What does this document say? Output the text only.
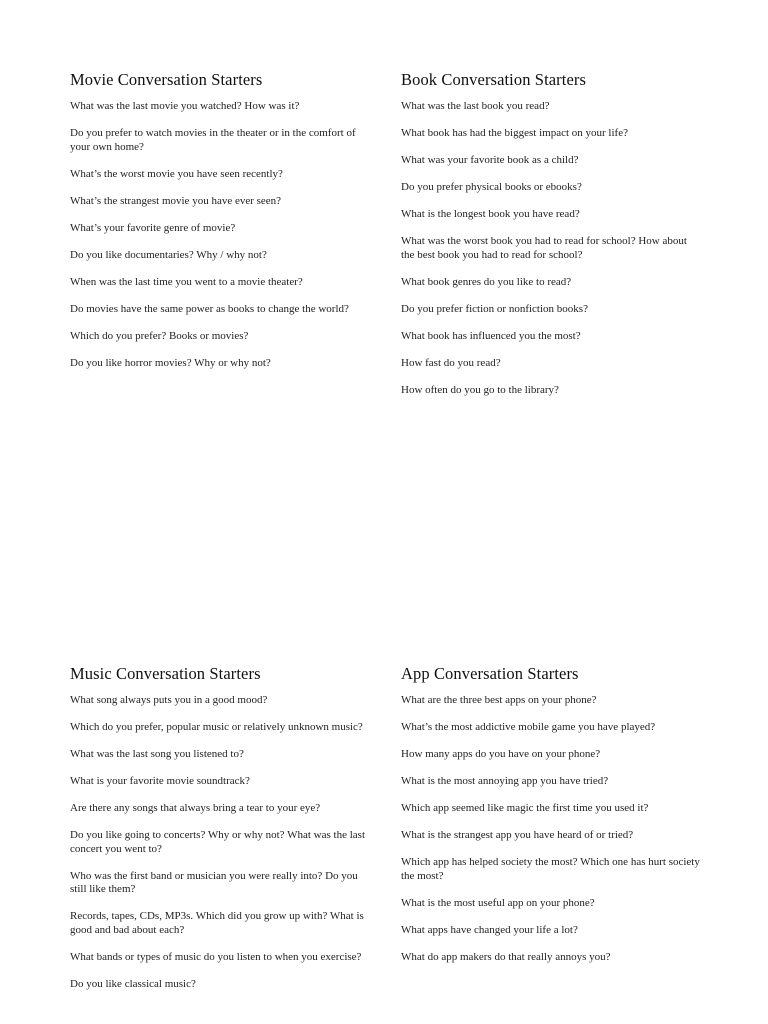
Movie Conversation Starters
What was the last movie you watched? How was it?
Do you prefer to watch movies in the theater or in the comfort of your own home?
What’s the worst movie you have seen recently?
What’s the strangest movie you have ever seen?
What’s your favorite genre of movie?
Do you like documentaries? Why / why not?
When was the last time you went to a movie theater?
Do movies have the same power as books to change the world?
Which do you prefer? Books or movies?
Do you like horror movies? Why or why not?
Book Conversation Starters
What was the last book you read?
What book has had the biggest impact on your life?
What was your favorite book as a child?
Do you prefer physical books or ebooks?
What is the longest book you have read?
What was the worst book you had to read for school? How about the best book you had to read for school?
What book genres do you like to read?
Do you prefer fiction or nonfiction books?
What book has influenced you the most?
How fast do you read?
How often do you go to the library?
Music Conversation Starters
What song always puts you in a good mood?
Which do you prefer, popular music or relatively unknown music?
What was the last song you listened to?
What is your favorite movie soundtrack?
Are there any songs that always bring a tear to your eye?
Do you like going to concerts? Why or why not? What was the last concert you went to?
Who was the first band or musician you were really into? Do you still like them?
Records, tapes, CDs, MP3s. Which did you grow up with? What is good and bad about each?
What bands or types of music do you listen to when you exercise?
Do you like classical music?
App Conversation Starters
What are the three best apps on your phone?
What’s the most addictive mobile game you have played?
How many apps do you have on your phone?
What is the most annoying app you have tried?
Which app seemed like magic the first time you used it?
What is the strangest app you have heard of or tried?
Which app has helped society the most? Which one has hurt society the most?
What is the most useful app on your phone?
What apps have changed your life a lot?
What do app makers do that really annoys you?
